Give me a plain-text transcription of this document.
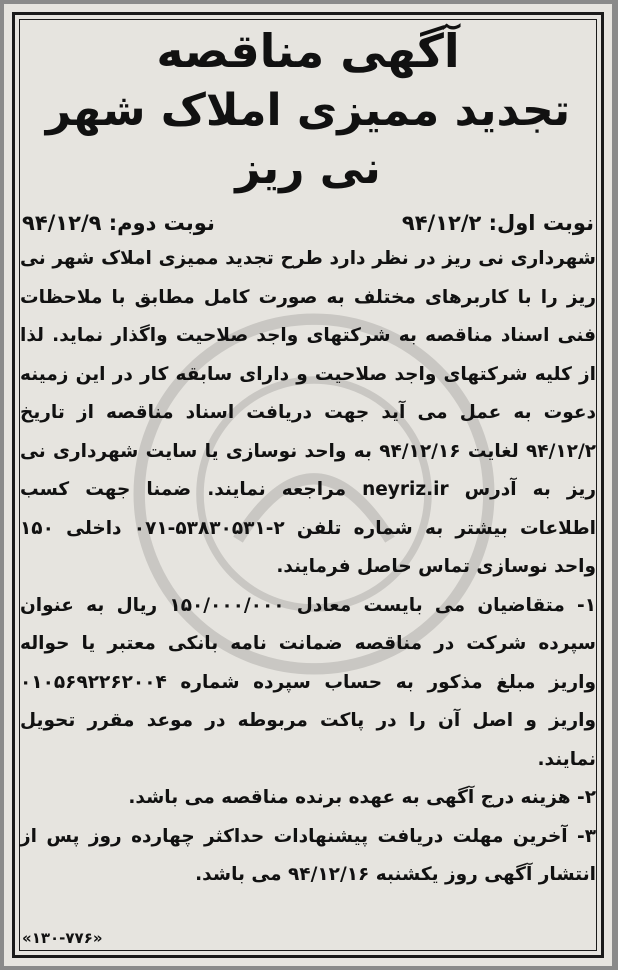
آگهی مناقصه
تجدید ممیزی املاک شهر نی ریز
نوبت اول: ۹۴/۱۲/۲
نوبت دوم: ۹۴/۱۲/۹
شهرداری نی ریز در نظر دارد طرح تجدید ممیزی املاک شهر نی ریز را با کاربرهای مختلف به صورت کامل مطابق با ملاحظات فنی اسناد مناقصه به شرکتهای واجد صلاحیت واگذار نماید. لذا از کلیه شرکتهای واجد صلاحیت و دارای سابقه کار در این زمینه دعوت به عمل می آید جهت دریافت اسناد مناقصه از تاریخ ۹۴/۱۲/۲ لغایت ۹۴/۱۲/۱۶ به واحد نوسازی یا سایت شهرداری نی ریز به آدرس neyriz.ir مراجعه نمایند. ضمنا جهت کسب اطلاعات بیشتر به شماره تلفن ۲-۵۳۸۳۰۵۳۱-۰۷۱ داخلی ۱۵۰ واحد نوسازی تماس حاصل فرمایند.
۱- متقاضیان می بایست معادل ۱۵۰/۰۰۰/۰۰۰ ریال به عنوان سپرده شرکت در مناقصه ضمانت نامه بانکی معتبر یا حواله واریز مبلغ مذکور به حساب سپرده شماره ۰۱۰۵۶۹۲۲۶۲۰۰۴ واریز و اصل آن را در پاکت مربوطه در موعد مقرر تحویل نمایند.
۲- هزینه درج آگهی به عهده برنده مناقصه می باشد.
۳- آخرین مهلت دریافت پیشنهادات حداکثر چهارده روز پس از انتشار آگهی روز یکشنبه ۹۴/۱۲/۱۶ می باشد.
«۱۳۰-۷۷۶»
